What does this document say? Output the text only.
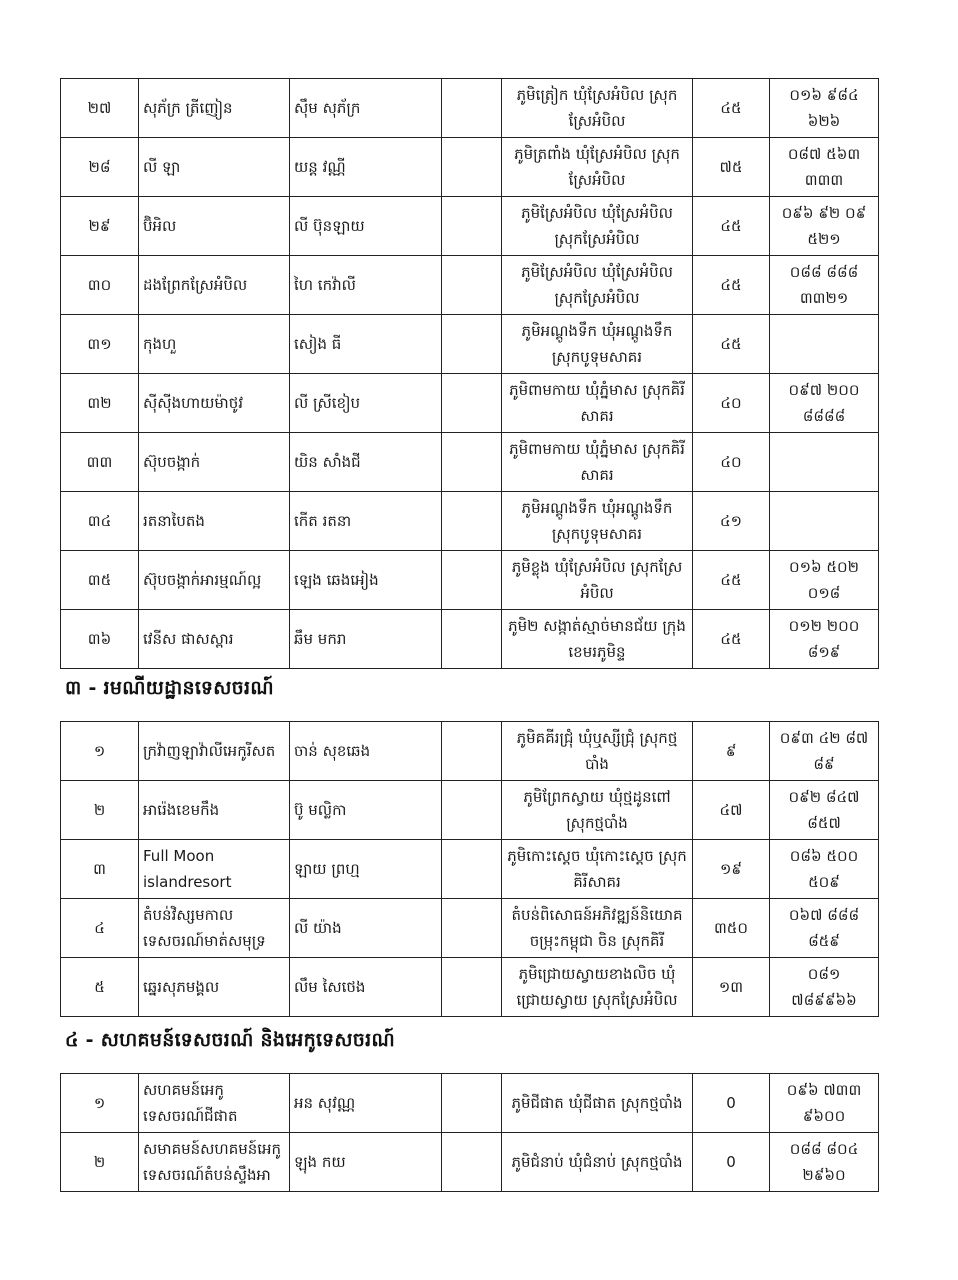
២៧	សុភ័ក្រ ត្រីញៀន	ស៊ឹម សុភ័ក្រ		ភូមិត្រៀក ឃុំស្រែអំបិល ស្រុកស្រែអំបិល	៤៥	០១៦ ៩៨៤ ៦២៦
២៨	លី ឡា	យន្ត វណ្ណី		ភូមិត្រពាំង ឃុំស្រែអំបិល ស្រុកស្រែអំបិល	៧៥	០៨៧ ៥៦៣ ៣៣៣
២៩	ប៊ិអិល	លី ប៊ុនឡាយ		ភូមិស្រែអំបិល ឃុំស្រែអំបិល ស្រុកស្រែអំបិល	៤៥	០៩៦ ៩២ ០៩ ៥២១
៣០	ដងព្រែកស្រែអំបិល	ហៃ កេវ៉ាលី		ភូមិស្រែអំបិល ឃុំស្រែអំបិល ស្រុកស្រែអំបិល	៤៥	០៨៨ ៨៨៨ ៣៣២១
៣១	កុងហួ	សៀង ធី		ភូមិអណ្តូងទឹក ឃុំអណ្តូងទឹក ស្រុកបូទុមសាគរ	៤៥	
៣២	ស៊ីស៊ីងហាយម៉ាថូវ	លី ស្រីខៀប		ភូមិពាមកាយ ឃុំភ្នំមាស ស្រុកគិរីសាគរ	៤០	០៩៧ ២០០ ៨៨៨៨
៣៣	ស៊ុបចង្កាក់	យិន សាំងជី		ភូមិពាមកាយ ឃុំភ្នំមាស ស្រុកគិរីសាគរ	៤០	
៣៤	រតនាបៃតង	កើត រតនា		ភូមិអណ្តូងទឹក ឃុំអណ្តូងទឹក ស្រុកបូទុមសាគរ	៤១	
៣៥	ស៊ុបចង្កាក់អារម្មណ៍ល្អ	ឡេង ឆេងអៀង		ភូមិខ្លុង ឃុំស្រែអំបិល ស្រុកស្រែអំបិល	៤៥	០១៦ ៥០២ ០១៨
៣៦	វេនីស ផាសស្ពារ	ឆឹម មករា		ភូមិ២ សង្កាត់ស្មាច់មានជ័យ ក្រុងខេមរភូមិន្ទ	៤៥	០១២ ២០០ ៨១៩
៣ - រមណីយដ្ឋានទេសចរណ៍
១	ក្រវ៉ាញឡាវ៉ាលីអេកូរីសត	ចាន់ សុខឆេង		ភូមិគគីរជ្រុំ ឃុំឬស្សីជ្រុំ ស្រុកថ្មបាំង	៩	០៩៣ ៤២ ៨៧ ៨៩
២	អារ៉េងខេមកឹង	ប៊ូ មល្លិកា		ភូមិព្រែកស្វាយ ឃុំថ្មដូនពៅ ស្រុកថ្មបាំង	៤៧	០៩២ ៨៤៧ ៨៥៧
៣	Full Moon islandresort	ឡាយ ព្រហ្ម		ភូមិកោះស្តេច ឃុំកោះស្តេច ស្រុកគិរីសាគរ	១៩	០៨៦ ៥០០ ៥០៩
៤	តំបន់វិស្សមកាលទេសចរណ៍មាត់សមុទ្រ	លី យ៉ាង		តំបន់ពិសោធន៍អភិវឌ្ឍន៍និយោគចម្រុះកម្ពុជា ចិន ស្រុកគិរី	៣៥០	០៦៧ ៨៨៨ ៨៥៩
៥	ឆ្នេរសុភមង្គល	លឹម សៃថេង		ភូមិជ្រោយស្វាយខាងលិច ឃុំជ្រោយស្វាយ ស្រុកស្រែអំបិល	១៣	០៨១ ៧៨៩៩៦៦
៤ - សហគមន៍ទេសចរណ៍ និងអេកូទេសចរណ៍
១	សហគមន៍អេកូទេសចរណ៍ជីផាត	អន សុវណ្ណ		ភូមិជីផាត ឃុំជីផាត ស្រុកថ្មបាំង	0	០៩៦ ៧៣៣ ៩៦០០
២	សមាគមន៍សហគមន៍អេកូទេសចរណ៍តំបន់ស្ទឹងអា	ឡុង កយ		ភូមិជំនាប់ ឃុំជំនាប់ ស្រុកថ្មបាំង	0	០៨៨ ៨០៤ ២៩៦០
